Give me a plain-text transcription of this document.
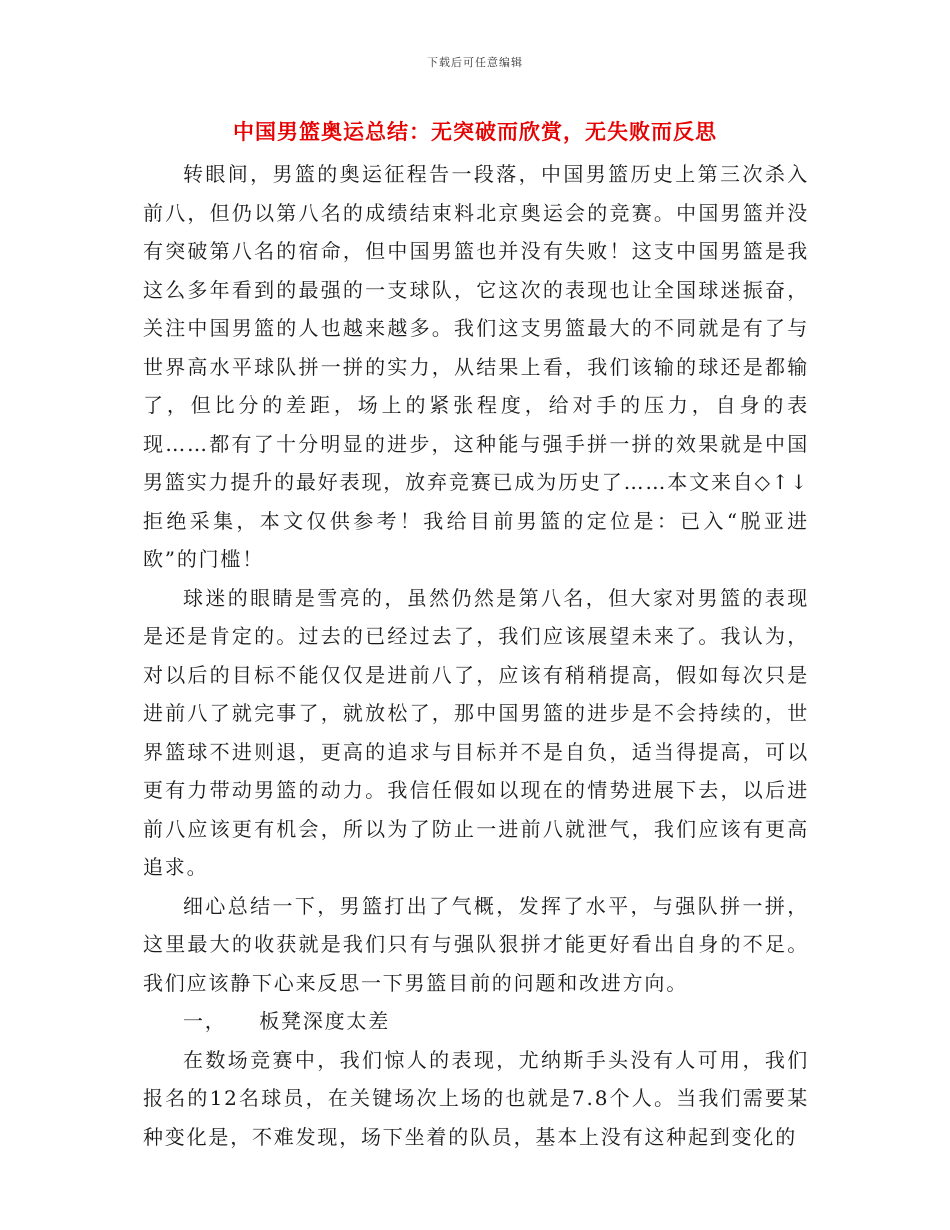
下载后可任意编辑
中国男篮奥运总结：无突破而欣赏，无失败而反思

转眼间，男篮的奥运征程告一段落，中国男篮历史上第三次杀入前八，但仍以第八名的成绩结束料北京奥运会的竞赛。中国男篮并没有突破第八名的宿命，但中国男篮也并没有失败！这支中国男篮是我这么多年看到的最强的一支球队，它这次的表现也让全国球迷振奋，关注中国男篮的人也越来越多。我们这支男篮最大的不同就是有了与世界高水平球队拼一拼的实力，从结果上看，我们该输的球还是都输了，但比分的差距，场上的紧张程度，给对手的压力，自身的表现……都有了十分明显的进步，这种能与强手拼一拼的效果就是中国男篮实力提升的最好表现，放弃竞赛已成为历史了……本文来自◇↑↓拒绝采集，本文仅供参考！我给目前男篮的定位是：已入“脱亚进欧”的门槛！

球迷的眼睛是雪亮的，虽然仍然是第八名，但大家对男篮的表现是还是肯定的。过去的已经过去了，我们应该展望未来了。我认为，对以后的目标不能仅仅是进前八了，应该有稍稍提高，假如每次只是进前八了就完事了，就放松了，那中国男篮的进步是不会持续的，世界篮球不进则退，更高的追求与目标并不是自负，适当得提高，可以更有力带动男篮的动力。我信任假如以现在的情势进展下去，以后进前八应该更有机会，所以为了防止一进前八就泄气，我们应该有更高追求。

细心总结一下，男篮打出了气概，发挥了水平，与强队拼一拼，这里最大的收获就是我们只有与强队狠拼才能更好看出自身的不足。我们应该静下心来反思一下男篮目前的问题和改进方向。

一，    板凳深度太差

在数场竞赛中，我们惊人的表现，尤纳斯手头没有人可用，我们报名的12名球员，在关键场次上场的也就是7.8个人。当我们需要某种变化是，不难发现，场下坐着的队员，基本上没有这种起到变化的
